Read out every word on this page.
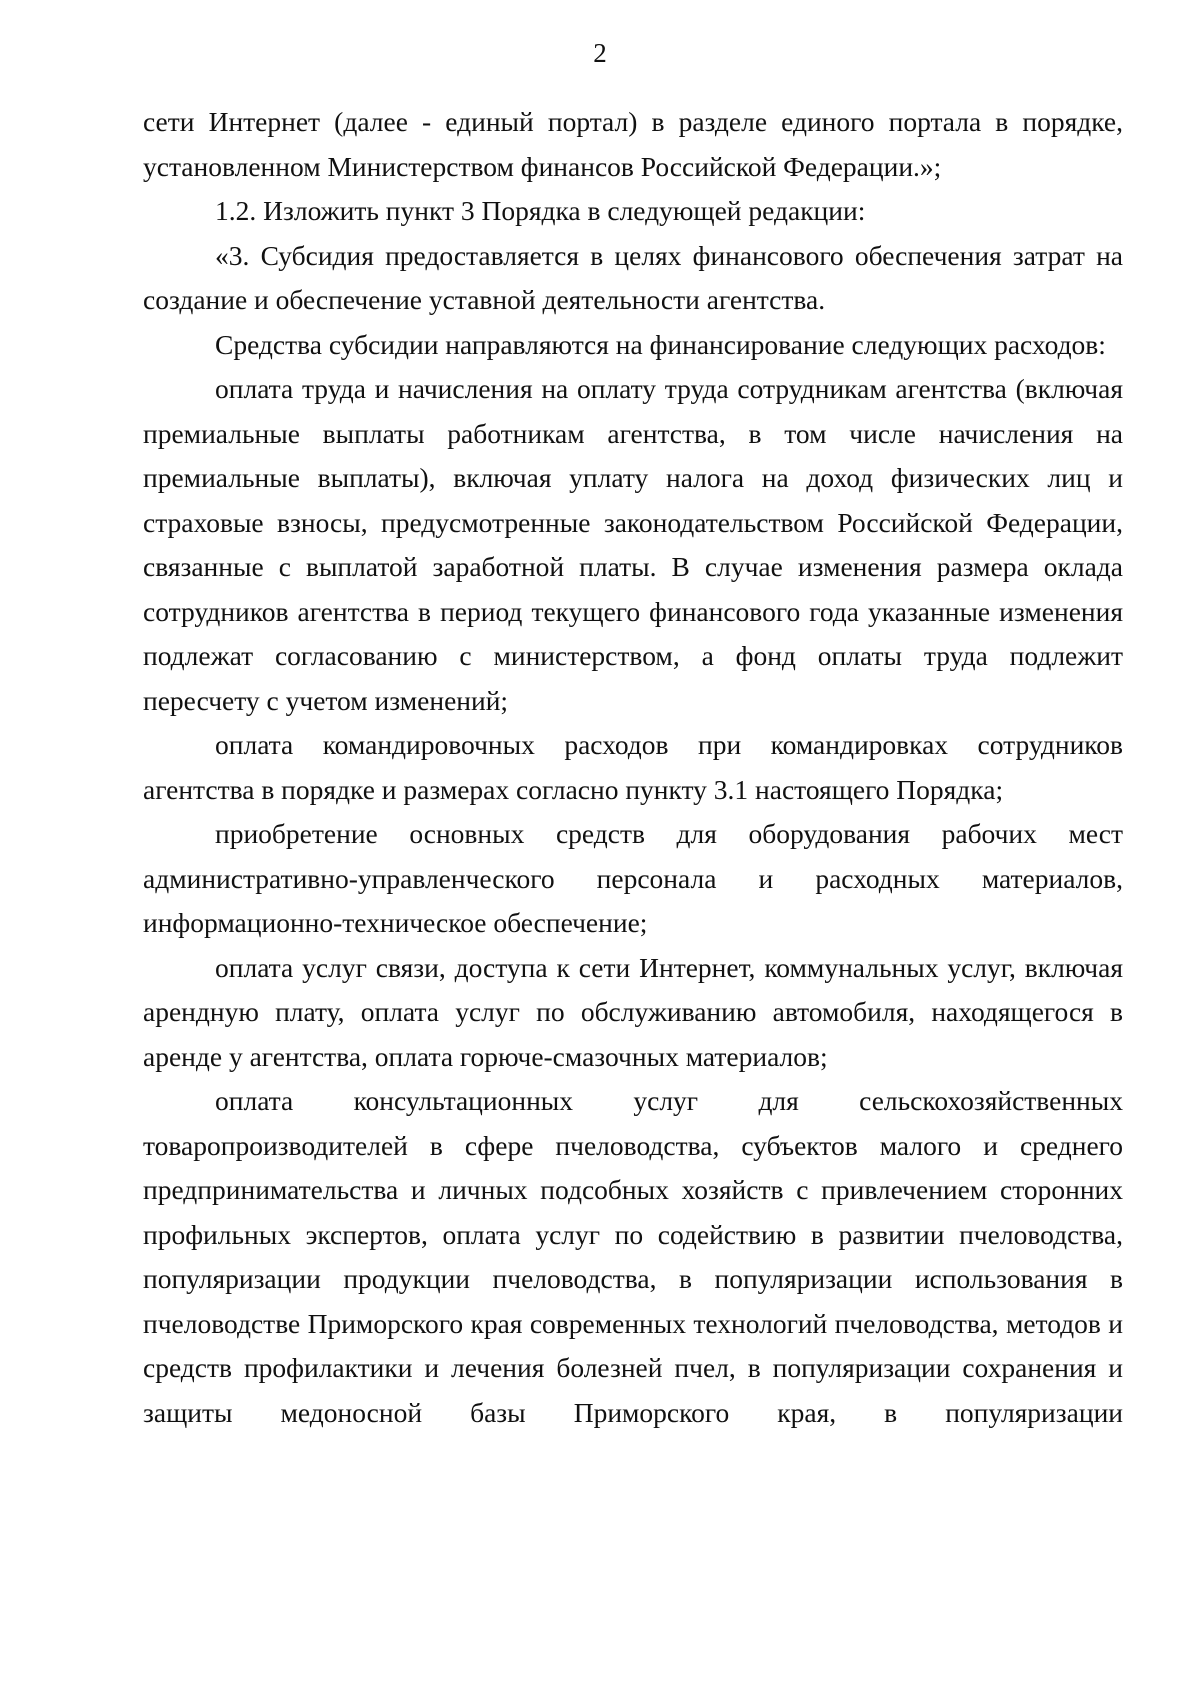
2

сети Интернет (далее - единый портал) в разделе единого портала в порядке, установленном Министерством финансов Российской Федерации.»;

1.2. Изложить пункт 3 Порядка в следующей редакции:

«3. Субсидия предоставляется в целях финансового обеспечения затрат на создание и обеспечение уставной деятельности агентства.

Средства субсидии направляются на финансирование следующих расходов:

оплата труда и начисления на оплату труда сотрудникам агентства (включая премиальные выплаты работникам агентства, в том числе начисления на премиальные выплаты), включая уплату налога на доход физических лиц и страховые взносы, предусмотренные законодательством Российской Федерации, связанные с выплатой заработной платы. В случае изменения размера оклада сотрудников агентства в период текущего финансового года указанные изменения подлежат согласованию с министерством, а фонд оплаты труда подлежит пересчету с учетом изменений;

оплата командировочных расходов при командировках сотрудников агентства в порядке и размерах согласно пункту 3.1 настоящего Порядка;

приобретение основных средств для оборудования рабочих мест административно-управленческого персонала и расходных материалов, информационно-техническое обеспечение;

оплата услуг связи, доступа к сети Интернет, коммунальных услуг, включая арендную плату, оплата услуг по обслуживанию автомобиля, находящегося в аренде у агентства, оплата горюче-смазочных материалов;

оплата консультационных услуг для сельскохозяйственных товаропроизводителей в сфере пчеловодства, субъектов малого и среднего предпринимательства и личных подсобных хозяйств с привлечением сторонних профильных экспертов, оплата услуг по содействию в развитии пчеловодства, популяризации продукции пчеловодства, в популяризации использования в пчеловодстве Приморского края современных технологий пчеловодства, методов и средств профилактики и лечения болезней пчел, в популяризации сохранения и защиты медоносной базы Приморского края, в популяризации
